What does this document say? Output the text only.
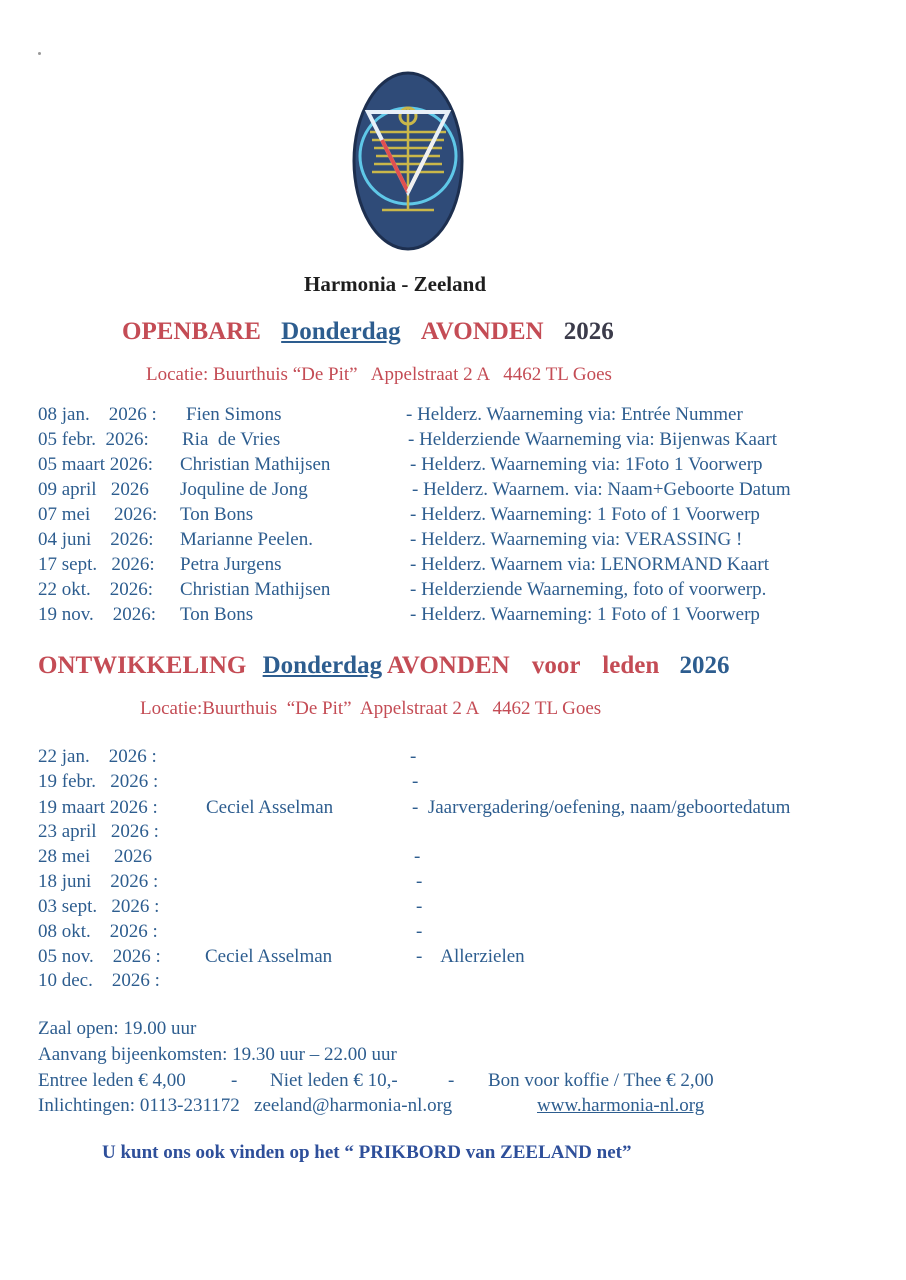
Harmonia - Zeeland
OPENBARE Donderdag AVONDEN 2026
Locatie: Buurthuis “De Pit”   Appelstraat 2 A   4462 TL Goes
08 jan.    2026 : Fien Simons	- Helderz. Waarneming via: Entrée Nummer
05 febr.  2026: Ria  de Vries	- Helderziende Waarneming via: Bijenwas Kaart
05 maart 2026: Christian Mathijsen	- Helderz. Waarneming via: 1Foto 1 Voorwerp
09 april   2026 Joquline de Jong	- Helderz. Waarnem. via: Naam+Geboorte Datum
07 mei     2026: Ton Bons	- Helderz. Waarneming: 1 Foto of 1 Voorwerp
04 juni    2026: Marianne Peelen.	- Helderz. Waarneming via: VERASSING !
17 sept.   2026: Petra Jurgens	- Helderz. Waarnem via: LENORMAND Kaart
22 okt.    2026: Christian Mathijsen	- Helderziende Waarneming, foto of voorwerp.
19 nov.    2026: Ton Bons	- Helderz. Waarneming: 1 Foto of 1 Voorwerp
ONTWIKKELING Donderdag AVONDEN voor leden 2026
Locatie:Buurthuis  “De Pit”  Appelstraat 2 A   4462 TL Goes
22 jan.    2026 :	-
19 febr.   2026 :	-
19 maart 2026 :	Ceciel Asselman	-  Jaarvergadering/oefening, naam/geboortedatum
23 april   2026 :
28 mei     2026	-
18 juni    2026 :	-
03 sept.   2026 :	-
08 okt.    2026 :	-
05 nov.    2026 : Ceciel Asselman	-    Allerzielen
10 dec.    2026 :
Zaal open: 19.00 uur
Aanvang bijeenkomsten: 19.30 uur – 22.00 uur
Entree leden € 4,00 - Niet leden € 10,-	- Bon voor koffie / Thee € 2,00
Inlichtingen: 0113-231172   zeeland@harmonia-nl.org	www.harmonia-nl.org
U kunt ons ook vinden op het “ PRIKBORD van ZEELAND net”
